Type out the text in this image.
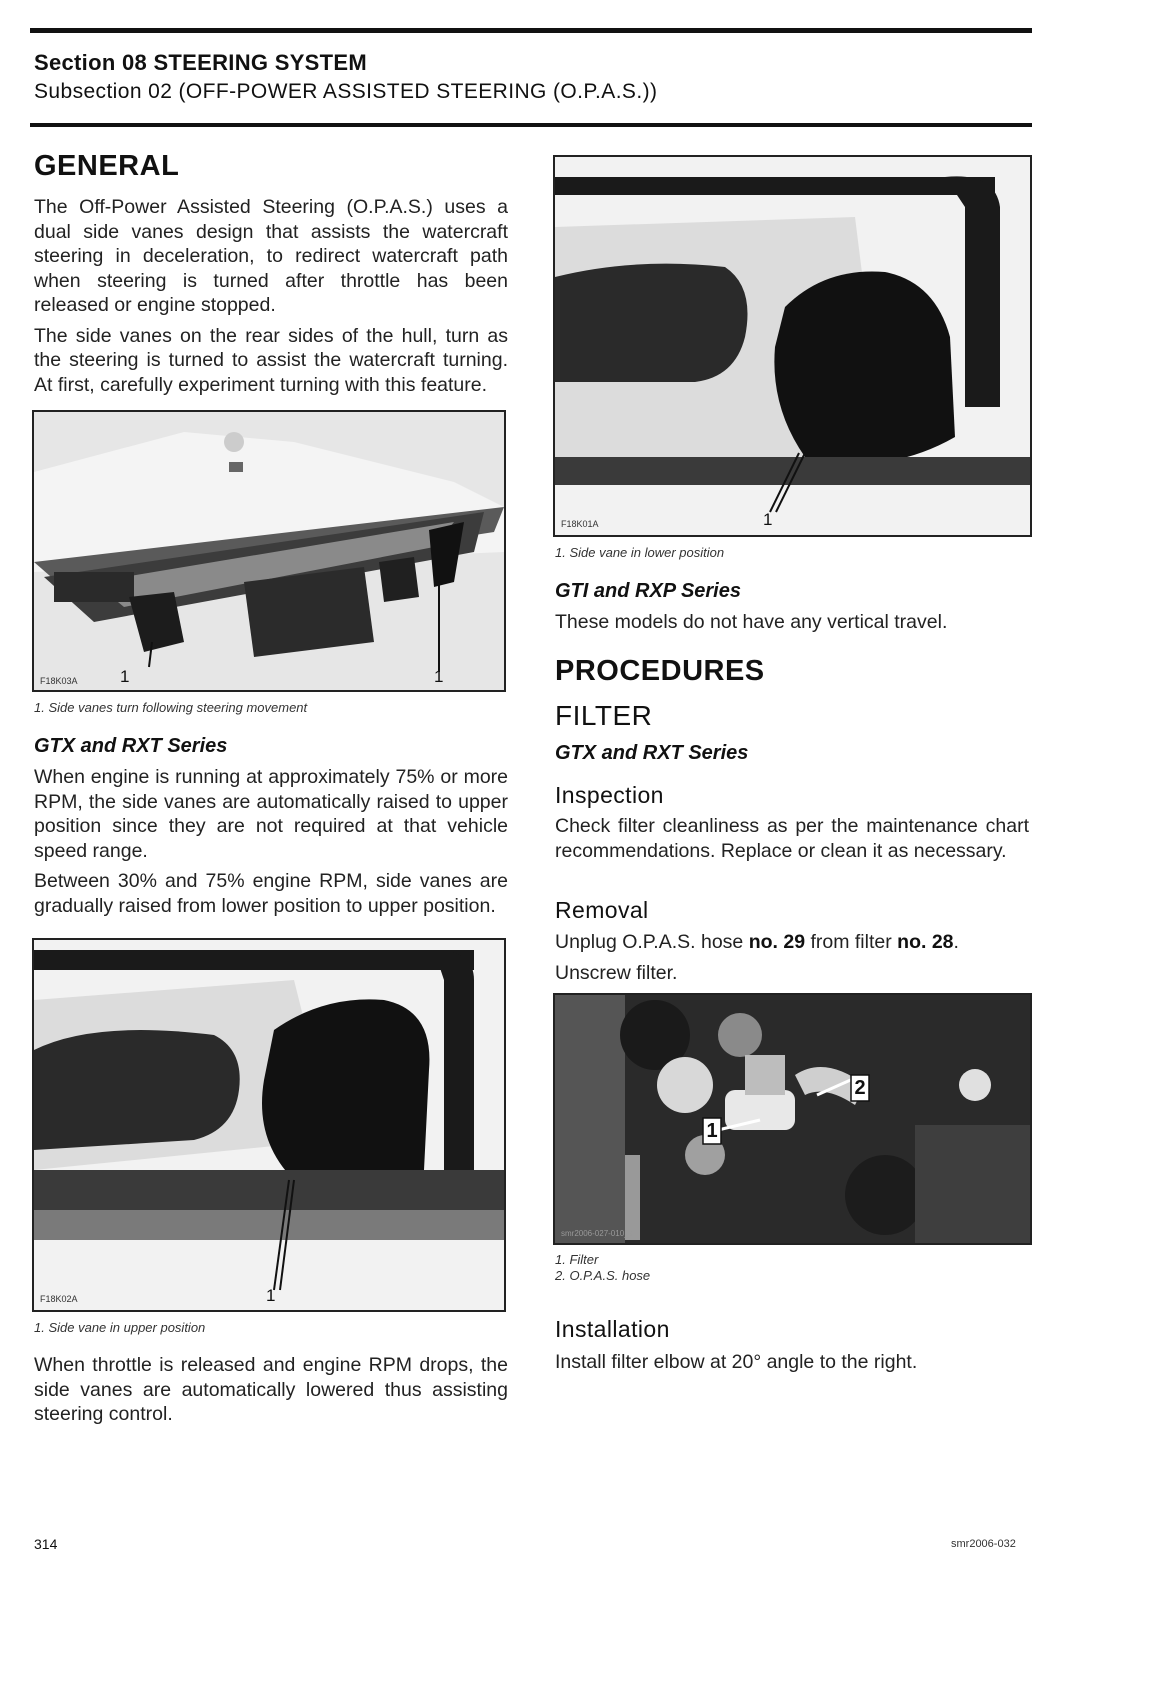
Section 08 STEERING SYSTEM
Subsection 02 (OFF-POWER ASSISTED STEERING (O.P.A.S.))
GENERAL

The Off-Power Assisted Steering (O.P.A.S.) uses a dual side vanes design that assists the watercraft steering in deceleration, to redirect watercraft path when steering is turned after throttle has been released or engine stopped.

The side vanes on the rear sides of the hull, turn as the steering is turned to assist the watercraft turning. At first, carefully experiment turning with this feature.

F18K03A 1	1
1. Side vanes turn following steering movement
GTX and RXT Series

When engine is running at approximately 75% or more RPM, the side vanes are automatically raised to upper position since they are not required at that vehicle speed range.

Between 30% and 75% engine RPM, side vanes are gradually raised from lower position to upper position.

F18K02A	1
1. Side vane in upper position

When throttle is released and engine RPM drops, the side vanes are automatically lowered thus assisting steering control.

F18K01A	1
1. Side vane in lower position
GTI and RXP Series

These models do not have any vertical travel.

PROCEDURES
FILTER
GTX and RXT Series
Inspection

Check filter cleanliness as per the maintenance chart recommendations. Replace or clean it as necessary.

Removal

Unplug O.P.A.S. hose no. 29 from filter no. 28.

Unscrew filter.

1
2
smr2006-027-010_a
1. Filter
2. O.P.A.S. hose
Installation

Install filter elbow at 20° angle to the right.

314	smr2006-032
